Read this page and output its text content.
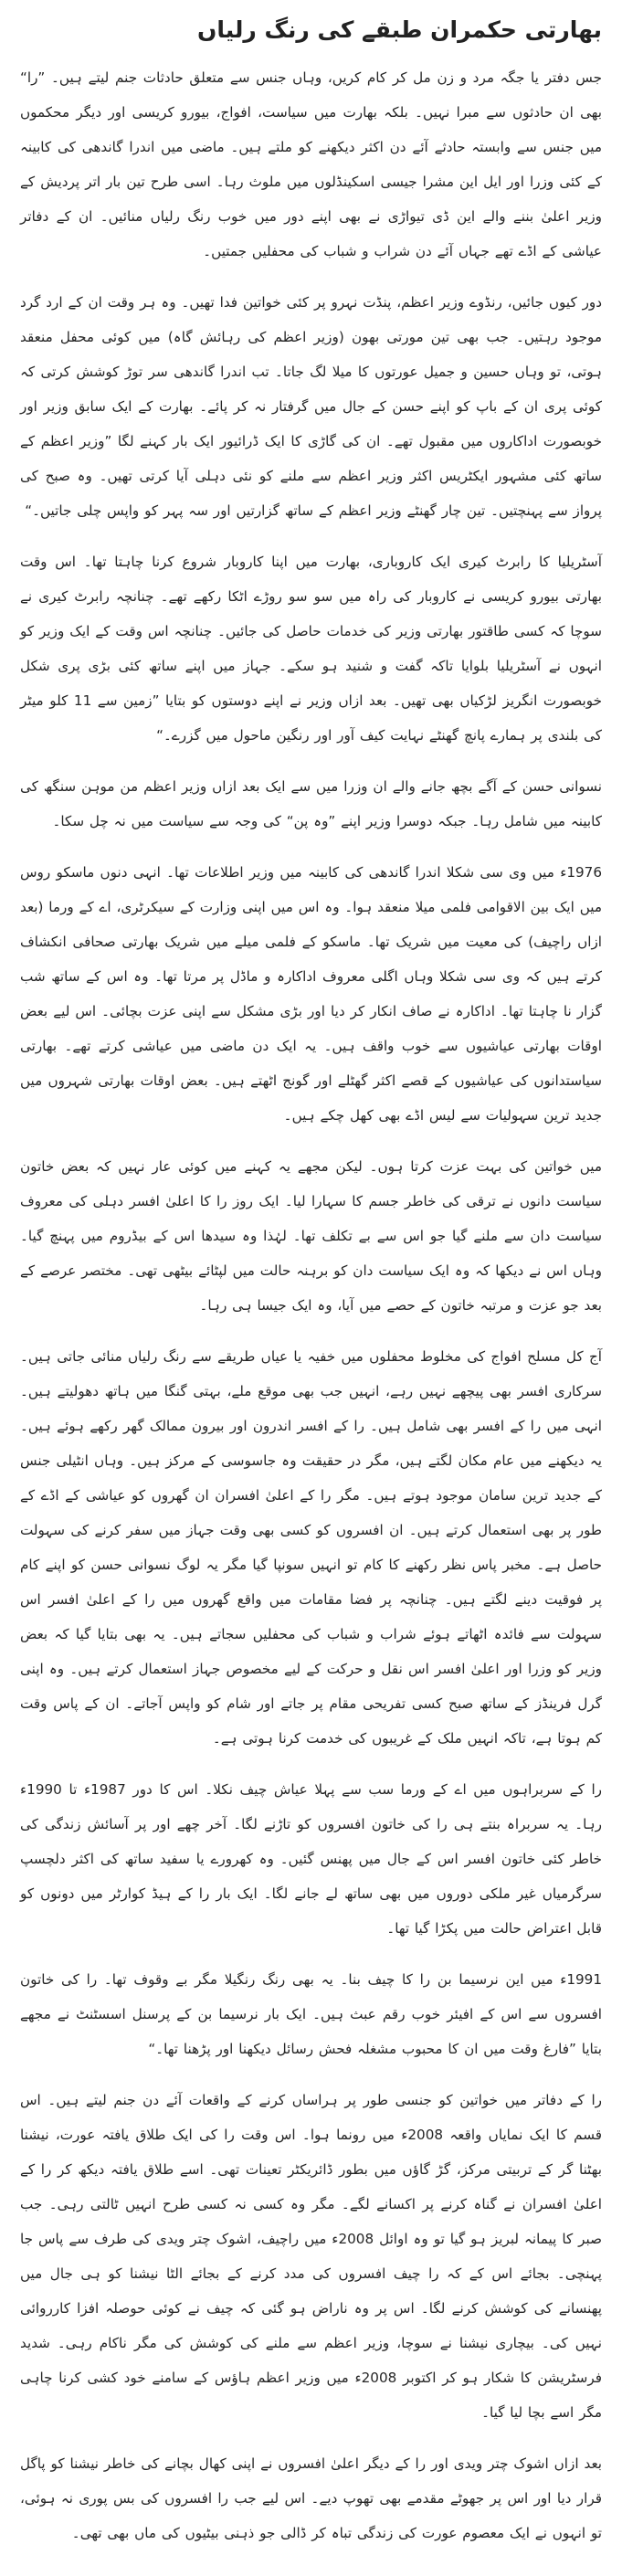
بھارتی حکمران طبقے کی رنگ رلیاں

جس دفتر یا جگہ مرد و زن مل کر کام کریں، وہاں جنس سے متعلق حادثات جنم لیتے ہیں۔ ”را“ بھی ان حادثوں سے مبرا نہیں۔ بلکہ بھارت میں سیاست، افواج، بیورو کریسی اور دیگر محکموں میں جنس سے وابستہ حادثے آئے دن اکثر دیکھنے کو ملتے ہیں۔ ماضی میں اندرا گاندھی کی کابینہ کے کئی وزرا اور ایل این مشرا جیسی اسکینڈلوں میں ملوث رہا۔ اسی طرح تین بار اتر پردیش کے وزیر اعلیٰ بننے والے این ڈی تیواڑی نے بھی اپنے دور میں خوب رنگ رلیاں منائیں۔ ان کے دفاتر عیاشی کے اڈے تھے جہاں آئے دن شراب و شباب کی محفلیں جمتیں۔

دور کیوں جائیں، رنڈوے وزیر اعظم، پنڈت نہرو پر کئی خواتین فدا تھیں۔ وہ ہر وقت ان کے ارد گرد موجود رہتیں۔ جب بھی تین مورتی بھون (وزیر اعظم کی رہائش گاہ) میں کوئی محفل منعقد ہوتی، تو وہاں حسین و جمیل عورتوں کا میلا لگ جاتا۔ تب اندرا گاندھی سر توڑ کوشش کرتی کہ کوئی پری ان کے باپ کو اپنے حسن کے جال میں گرفتار نہ کر پائے۔ بھارت کے ایک سابق وزیر اور خوبصورت اداکاروں میں مقبول تھے۔ ان کی گاڑی کا ایک ڈرائیور ایک بار کہنے لگا ”وزیر اعظم کے ساتھ کئی مشہور ایکٹریس اکثر وزیر اعظم سے ملنے کو نئی دہلی آیا کرتی تھیں۔ وہ صبح کی پرواز سے پہنچتیں۔ تین چار گھنٹے وزیر اعظم کے ساتھ گزارتیں اور سہ پہر کو واپس چلی جاتیں۔“

آسٹریلیا کا رابرٹ کیری ایک کاروباری، بھارت میں اپنا کاروبار شروع کرنا چاہتا تھا۔ اس وقت بھارتی بیورو کریسی نے کاروبار کی راہ میں سو سو روڑے اٹکا رکھے تھے۔ چنانچہ رابرٹ کیری نے سوچا کہ کسی طاقتور بھارتی وزیر کی خدمات حاصل کی جائیں۔ چنانچہ اس وقت کے ایک وزیر کو انہوں نے آسٹریلیا بلوایا تاکہ گفت و شنید ہو سکے۔ جہاز میں اپنے ساتھ کئی بڑی پری شکل خوبصورت انگریز لڑکیاں بھی تھیں۔ بعد ازاں وزیر نے اپنے دوستوں کو بتایا ”زمین سے 11 کلو میٹر کی بلندی پر ہمارے پانچ گھنٹے نہایت کیف آور اور رنگین ماحول میں گزرے۔“

نسوانی حسن کے آگے بچھ جانے والے ان وزرا میں سے ایک بعد ازاں وزیر اعظم من موہن سنگھ کی کابینہ میں شامل رہا۔ جبکہ دوسرا وزیر اپنے ”وہ پن“ کی وجہ سے سیاست میں نہ چل سکا۔

1976ء میں وی سی شکلا اندرا گاندھی کی کابینہ میں وزیر اطلاعات تھا۔ انہی دنوں ماسکو روس میں ایک بین الاقوامی فلمی میلا منعقد ہوا۔ وہ اس میں اپنی وزارت کے سیکرٹری، اے کے ورما (بعد ازاں راچیف) کی معیت میں شریک تھا۔ ماسکو کے فلمی میلے میں شریک بھارتی صحافی انکشاف کرتے ہیں کہ وی سی شکلا وہاں اگلی معروف اداکارہ و ماڈل پر مرتا تھا۔ وہ اس کے ساتھ شب گزار نا چاہتا تھا۔ اداکارہ نے صاف انکار کر دیا اور بڑی مشکل سے اپنی عزت بچائی۔ اس لیے بعض اوقات بھارتی عیاشیوں سے خوب واقف ہیں۔ یہ ایک دن ماضی میں عیاشی کرتے تھے۔ بھارتی سیاستدانوں کی عیاشیوں کے قصے اکثر گھٹلے اور گونج اٹھتے ہیں۔ بعض اوقات بھارتی شہروں میں جدید ترین سہولیات سے لیس اڈے بھی کھل چکے ہیں۔

میں خواتین کی بہت عزت کرتا ہوں۔ لیکن مجھے یہ کہنے میں کوئی عار نہیں کہ بعض خاتون سیاست دانوں نے ترقی کی خاطر جسم کا سہارا لیا۔ ایک روز را کا اعلیٰ افسر دہلی کی معروف سیاست دان سے ملنے گیا جو اس سے بے تکلف تھا۔ لہٰذا وہ سیدھا اس کے بیڈروم میں پہنچ گیا۔ وہاں اس نے دیکھا کہ وہ ایک سیاست دان کو برہنہ حالت میں لپٹائے بیٹھی تھی۔ مختصر عرصے کے بعد جو عزت و مرتبہ خاتون کے حصے میں آیا، وہ ایک جیسا ہی رہا۔

آج کل مسلح افواج کی مخلوط محفلوں میں خفیہ یا عیاں طریقے سے رنگ رلیاں منائی جاتی ہیں۔ سرکاری افسر بھی پیچھے نہیں رہے، انہیں جب بھی موقع ملے، بہتی گنگا میں ہاتھ دھولیتے ہیں۔ انہی میں را کے افسر بھی شامل ہیں۔ را کے افسر اندرون اور بیرون ممالک گھر رکھے ہوئے ہیں۔ یہ دیکھنے میں عام مکان لگتے ہیں، مگر در حقیقت وہ جاسوسی کے مرکز ہیں۔ وہاں انٹیلی جنس کے جدید ترین سامان موجود ہوتے ہیں۔ مگر را کے اعلیٰ افسران ان گھروں کو عیاشی کے اڈے کے طور پر بھی استعمال کرتے ہیں۔ ان افسروں کو کسی بھی وقت جہاز میں سفر کرنے کی سہولت حاصل ہے۔ مخبر پاس نظر رکھنے کا کام تو انہیں سونپا گیا مگر یہ لوگ نسوانی حسن کو اپنے کام پر فوقیت دینے لگتے ہیں۔ چنانچہ پر فضا مقامات میں واقع گھروں میں را کے اعلیٰ افسر اس سہولت سے فائدہ اٹھاتے ہوئے شراب و شباب کی محفلیں سجاتے ہیں۔ یہ بھی بتایا گیا کہ بعض وزیر کو وزرا اور اعلیٰ افسر اس نقل و حرکت کے لیے مخصوص جہاز استعمال کرتے ہیں۔ وہ اپنی گرل فرینڈز کے ساتھ صبح کسی تفریحی مقام پر جاتے اور شام کو واپس آجاتے۔ ان کے پاس وقت کم ہوتا ہے، تاکہ انہیں ملک کے غریبوں کی خدمت کرنا ہوتی ہے۔

را کے سربراہوں میں اے کے ورما سب سے پہلا عیاش چیف نکلا۔ اس کا دور 1987ء تا 1990ء رہا۔ یہ سربراہ بنتے ہی را کی خاتون افسروں کو تاڑنے لگا۔ آخر چھے اور پر آسائش زندگی کی خاطر کئی خاتون افسر اس کے جال میں پھنس گئیں۔ وہ کھرورے یا سفید ساتھ کی اکثر دلچسپ سرگرمیاں غیر ملکی دوروں میں بھی ساتھ لے جانے لگا۔ ایک بار را کے ہیڈ کوارٹر میں دونوں کو قابل اعتراض حالت میں پکڑا گیا تھا۔

1991ء میں این نرسیما بن را کا چیف بنا۔ یہ بھی رنگ رنگیلا مگر بے وقوف تھا۔ را کی خاتون افسروں سے اس کے افیئر خوب رقم عبث ہیں۔ ایک بار نرسیما بن کے پرسنل اسسٹنٹ نے مجھے بتایا ”فارغ وقت میں ان کا محبوب مشغلہ فحش رسائل دیکھنا اور پڑھنا تھا۔“

را کے دفاتر میں خواتین کو جنسی طور پر ہراساں کرنے کے واقعات آئے دن جنم لیتے ہیں۔ اس قسم کا ایک نمایاں واقعہ 2008ء میں رونما ہوا۔ اس وقت را کی ایک طلاق یافتہ عورت، نیشنا بھٹنا گر کے تربیتی مرکز، گڑ گاؤں میں بطور ڈائریکٹر تعینات تھی۔ اسے طلاق یافتہ دیکھ کر را کے اعلیٰ افسران نے گناہ کرنے پر اکسانے لگے۔ مگر وہ کسی نہ کسی طرح انہیں ٹالتی رہی۔ جب صبر کا پیمانہ لبریز ہو گیا تو وہ اوائل 2008ء میں راچیف، اشوک چتر ویدی کی طرف سے پاس جا پہنچی۔ بجائے اس کے کہ را چیف افسروں کی مدد کرنے کے بجائے الٹا نیشنا کو ہی جال میں پھنسانے کی کوشش کرنے لگا۔ اس پر وہ ناراض ہو گئی کہ چیف نے کوئی حوصلہ افزا کارروائی نہیں کی۔ بیچاری نیشنا نے سوچا، وزیر اعظم سے ملنے کی کوشش کی مگر ناکام رہی۔ شدید فرسٹریشن کا شکار ہو کر اکتوبر 2008ء میں وزیر اعظم ہاؤس کے سامنے خود کشی کرنا چاہی مگر اسے بچا لیا گیا۔

بعد ازاں اشوک چتر ویدی اور را کے دیگر اعلیٰ افسروں نے اپنی کھال بچانے کی خاطر نیشنا کو پاگل قرار دیا اور اس پر جھوٹے مقدمے بھی تھوپ دیے۔ اس لیے جب را افسروں کی بس پوری نہ ہوئی، تو انہوں نے ایک معصوم عورت کی زندگی تباہ کر ڈالی جو ذہنی بیٹیوں کی ماں بھی تھی۔
